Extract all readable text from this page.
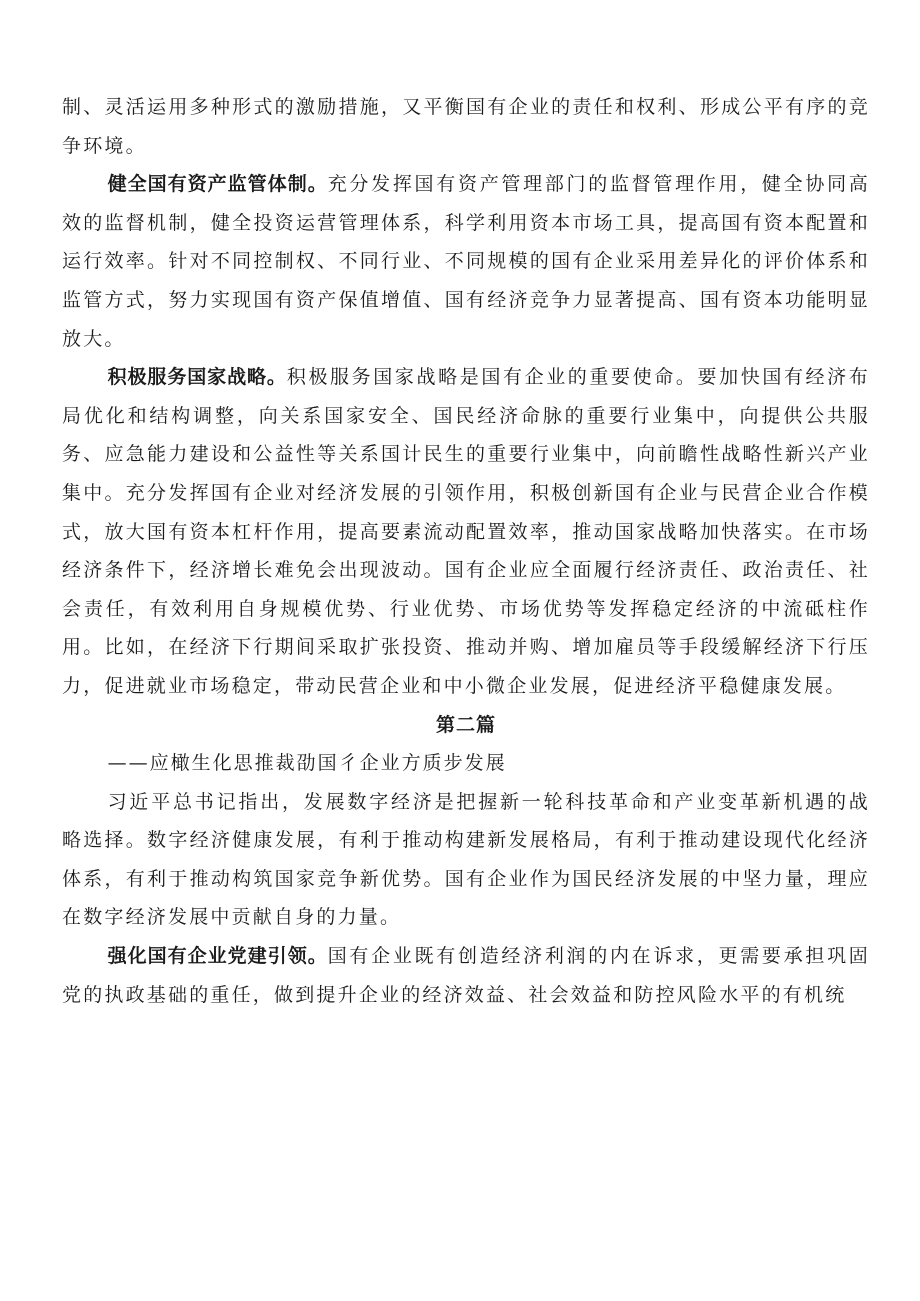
制、灵活运用多种形式的激励措施，又平衡国有企业的责任和权利、形成公平有序的竞争环境。

健全国有资产监管体制。充分发挥国有资产管理部门的监督管理作用，健全协同高效的监督机制，健全投资运营管理体系，科学利用资本市场工具，提高国有资本配置和运行效率。针对不同控制权、不同行业、不同规模的国有企业采用差异化的评价体系和监管方式，努力实现国有资产保值增值、国有经济竞争力显著提高、国有资本功能明显放大。

积极服务国家战略。积极服务国家战略是国有企业的重要使命。要加快国有经济布局优化和结构调整，向关系国家安全、国民经济命脉的重要行业集中，向提供公共服务、应急能力建设和公益性等关系国计民生的重要行业集中，向前瞻性战略性新兴产业集中。充分发挥国有企业对经济发展的引领作用，积极创新国有企业与民营企业合作模式，放大国有资本杠杆作用，提高要素流动配置效率，推动国家战略加快落实。在市场经济条件下，经济增长难免会出现波动。国有企业应全面履行经济责任、政治责任、社会责任，有效利用自身规模优势、行业优势、市场优势等发挥稳定经济的中流砥柱作用。比如，在经济下行期间采取扩张投资、推动并购、增加雇员等手段缓解经济下行压力，促进就业市场稳定，带动民营企业和中小微企业发展，促进经济平稳健康发展。

第二篇

——应橄生化思推裁劭国彳企业方质步发展

习近平总书记指出，发展数字经济是把握新一轮科技革命和产业变革新机遇的战略选择。数字经济健康发展，有利于推动构建新发展格局，有利于推动建设现代化经济体系，有利于推动构筑国家竞争新优势。国有企业作为国民经济发展的中坚力量，理应在数字经济发展中贡献自身的力量。

强化国有企业党建引领。国有企业既有创造经济利润的内在诉求，更需要承担巩固党的执政基础的重任，做到提升企业的经济效益、社会效益和防控风险水平的有机统
